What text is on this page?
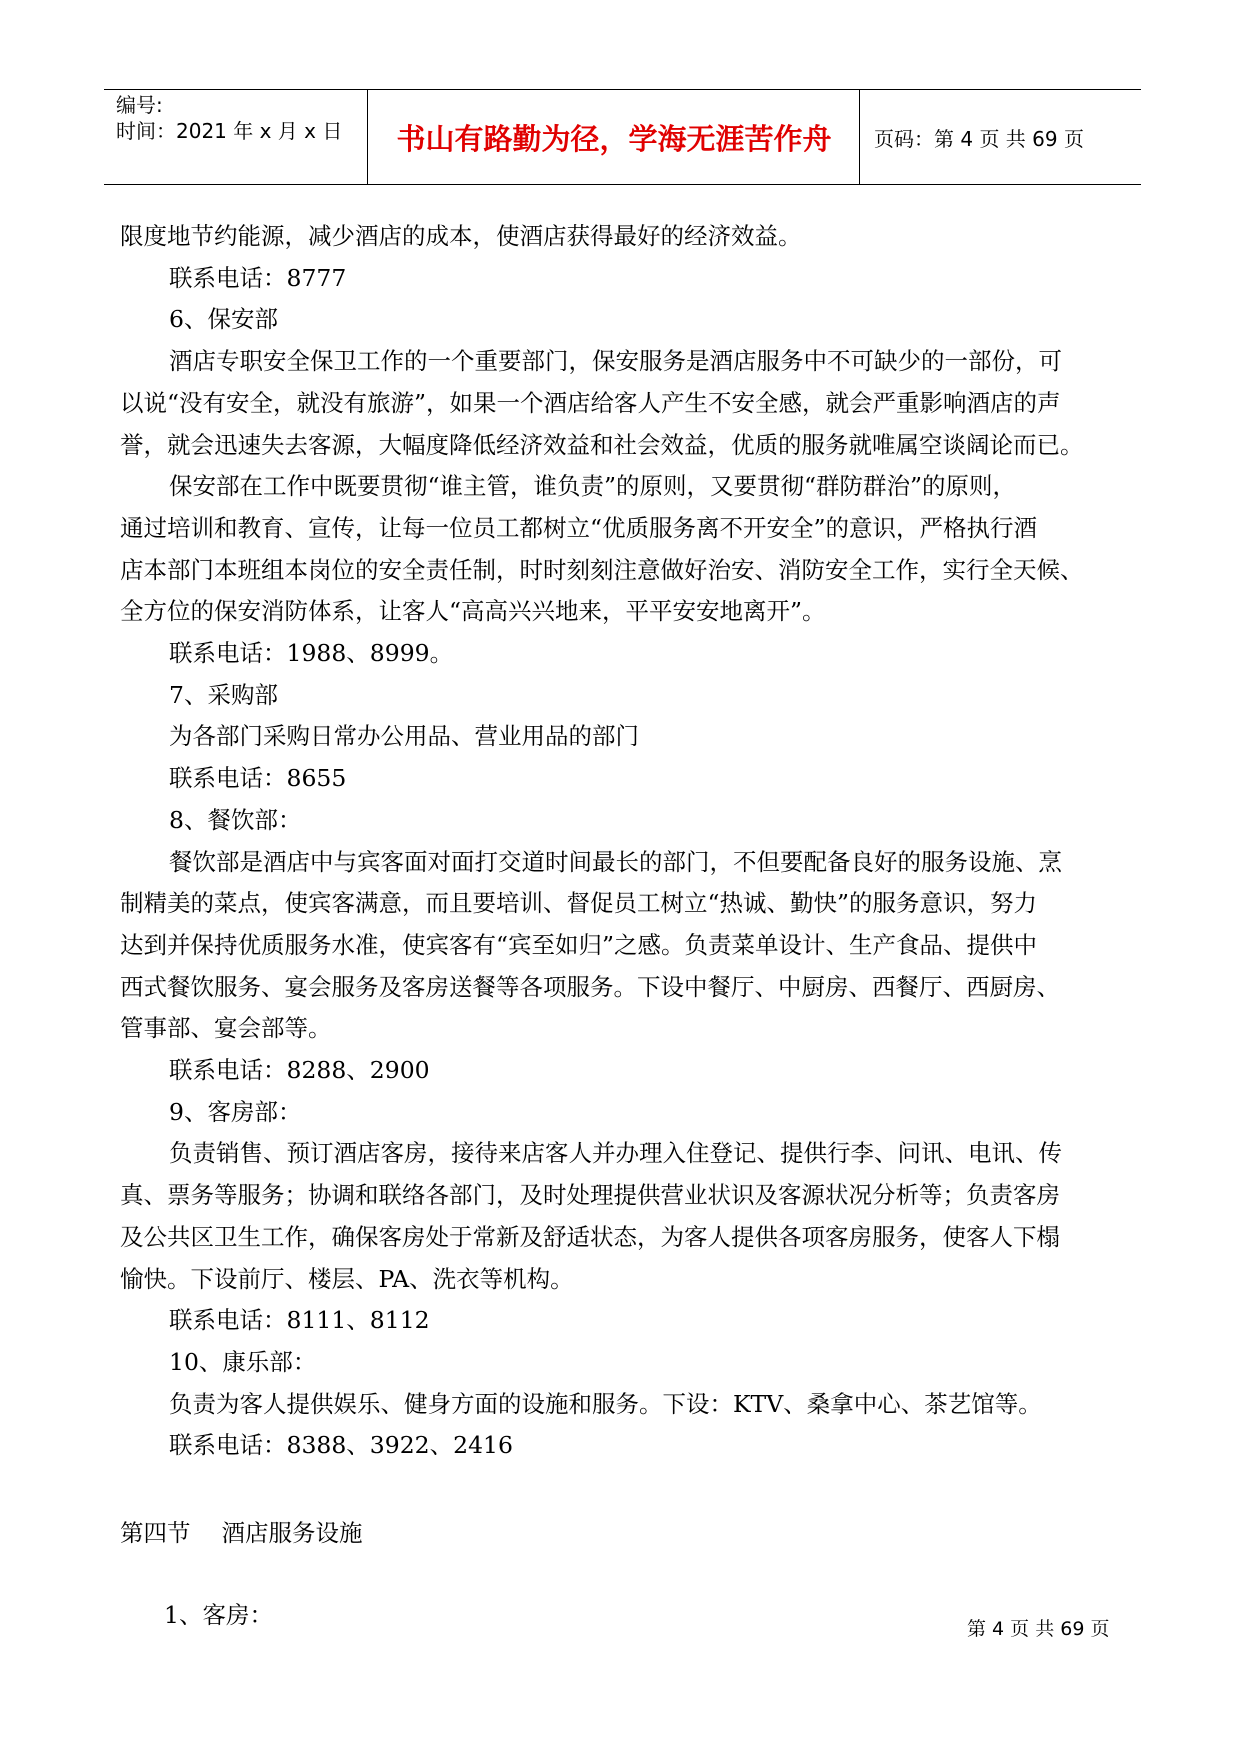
编号:
时间：2021 年 x 月 x 日	书山有路勤为径，学海无涯苦作舟	页码：第 4 页 共 69 页
限度地节约能源，减少酒店的成本，使酒店获得最好的经济效益。
联系电话：8777
6、保安部
酒店专职安全保卫工作的一个重要部门，保安服务是酒店服务中不可缺少的一部份，可
以说“没有安全，就没有旅游”，如果一个酒店给客人产生不安全感，就会严重影响酒店的声
誉，就会迅速失去客源，大幅度降低经济效益和社会效益，优质的服务就唯属空谈阔论而已。
保安部在工作中既要贯彻“谁主管，谁负责”的原则，又要贯彻“群防群治”的原则，
通过培训和教育、宣传，让每一位员工都树立“优质服务离不开安全”的意识，严格执行酒
店本部门本班组本岗位的安全责任制，时时刻刻注意做好治安、消防安全工作，实行全天候、
全方位的保安消防体系，让客人“高高兴兴地来，平平安安地离开”。
联系电话：1988、8999。
7、采购部
为各部门采购日常办公用品、营业用品的部门
联系电话：8655
8、餐饮部：
餐饮部是酒店中与宾客面对面打交道时间最长的部门，不但要配备良好的服务设施、烹
制精美的菜点，使宾客满意，而且要培训、督促员工树立“热诚、勤快”的服务意识，努力
达到并保持优质服务水准，使宾客有“宾至如归”之感。负责菜单设计、生产食品、提供中
西式餐饮服务、宴会服务及客房送餐等各项服务。下设中餐厅、中厨房、西餐厅、西厨房、
管事部、宴会部等。
联系电话：8288、2900
9、客房部：
负责销售、预订酒店客房，接待来店客人并办理入住登记、提供行李、问讯、电讯、传
真、票务等服务；协调和联络各部门，及时处理提供营业状识及客源状况分析等；负责客房
及公共区卫生工作，确保客房处于常新及舒适状态，为客人提供各项客房服务，使客人下榻
愉快。下设前厅、楼层、PA、洗衣等机构。
联系电话：8111、8112
10、康乐部：
负责为客人提供娱乐、健身方面的设施和服务。下设：KTV、桑拿中心、茶艺馆等。
联系电话：8388、3922、2416
第四节　 酒店服务设施
1、客房：	第 4 页 共 69 页
